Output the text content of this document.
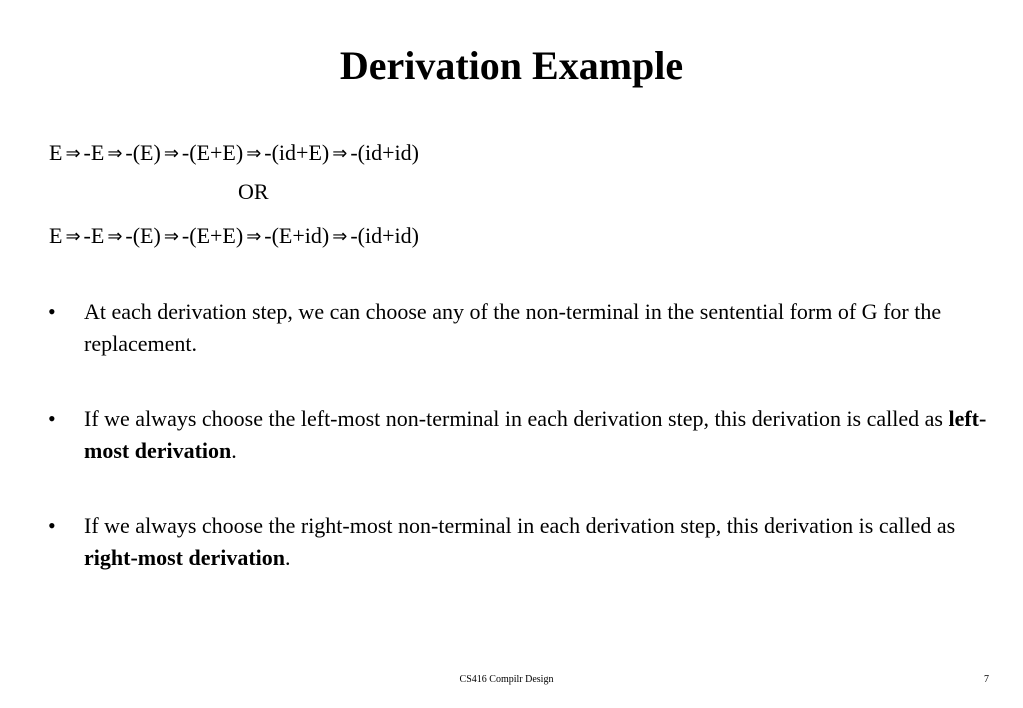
Derivation Example
E ⇒ -E ⇒ -(E) ⇒ -(E+E) ⇒ -(id+E) ⇒ -(id+id)
OR
E ⇒ -E ⇒ -(E) ⇒ -(E+E) ⇒ -(E+id) ⇒ -(id+id)
• At each derivation step, we can choose any of the non-terminal in the sentential form of G for the replacement.
• If we always choose the left-most non-terminal in each derivation step, this derivation is called as left-most derivation.
• If we always choose the right-most non-terminal in each derivation step, this derivation is called as right-most derivation.
CS416 Compilr Design	7
